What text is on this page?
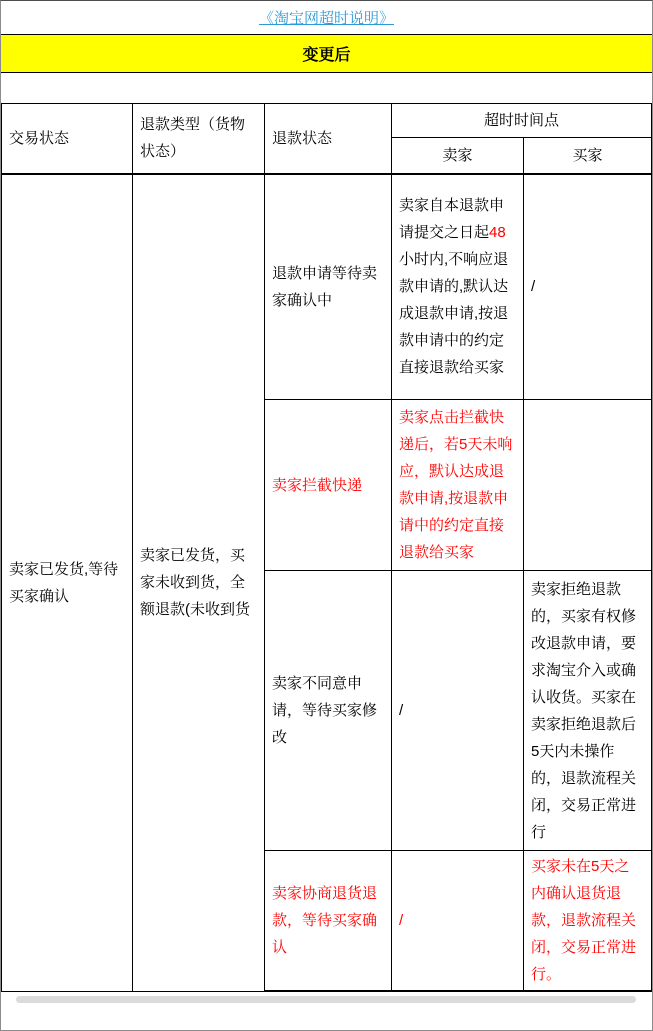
《淘宝网超时说明》
变更后
交易状态	退款类型（货物状态）	退款状态	超时时间点	
			卖家	买家
卖家已发货,等待买家确认	卖家已发货，买家未收到货，全额退款(未收到货	退款申请等待卖家确认中	卖家自本退款申请提交之日起48小时内,不响应退款申请的,默认达成退款申请,按退款申请中的约定直接退款给买家	/
		卖家拦截快递	卖家点击拦截快递后，若5天未响应，默认达成退款申请,按退款申请中的约定直接退款给买家	
		卖家不同意申请，等待买家修改	/	卖家拒绝退款的，买家有权修改退款申请，要求淘宝介入或确认收货。买家在卖家拒绝退款后5天内未操作的，退款流程关闭，交易正常进行
		卖家协商退货退款，等待买家确认	/	买家未在5天之内确认退货退款，退款流程关闭，交易正常进行。
